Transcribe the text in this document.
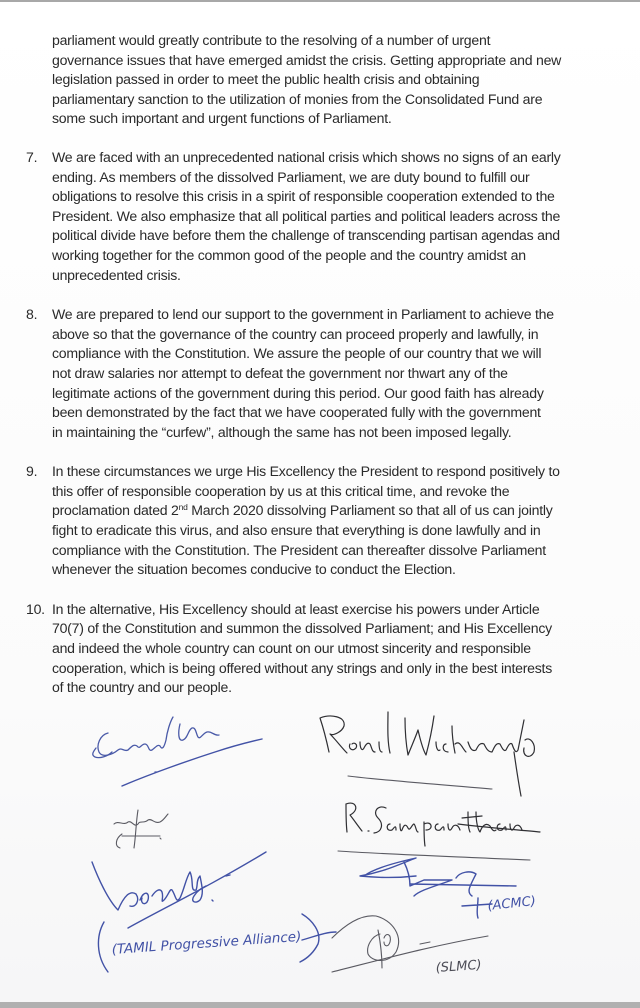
parliament would greatly contribute to the resolving of a number of urgent
governance issues that have emerged amidst the crisis. Getting appropriate and new
legislation passed in order to meet the public health crisis and obtaining
parliamentary sanction to the utilization of monies from the Consolidated Fund are
some such important and urgent functions of Parliament.
7. We are faced with an unprecedented national crisis which shows no signs of an early
ending. As members of the dissolved Parliament, we are duty bound to fulfill our
obligations to resolve this crisis in a spirit of responsible cooperation extended to the
President. We also emphasize that all political parties and political leaders across the
political divide have before them the challenge of transcending partisan agendas and
working together for the common good of the people and the country amidst an
unprecedented crisis.
8. We are prepared to lend our support to the government in Parliament to achieve the
above so that the governance of the country can proceed properly and lawfully, in
compliance with the Constitution. We assure the people of our country that we will
not draw salaries nor attempt to defeat the government nor thwart any of the
legitimate actions of the government during this period. Our good faith has already
been demonstrated by the fact that we have cooperated fully with the government
in maintaining the “curfew”, although the same has not been imposed legally.
9. In these circumstances we urge His Excellency the President to respond positively to
this offer of responsible cooperation by us at this critical time, and revoke the
proclamation dated 2nd March 2020 dissolving Parliament so that all of us can jointly
fight to eradicate this virus, and also ensure that everything is done lawfully and in
compliance with the Constitution. The President can thereafter dissolve Parliament
whenever the situation becomes conducive to conduct the Election.
10. In the alternative, His Excellency should at least exercise his powers under Article
70(7) of the Constitution and summon the dissolved Parliament; and His Excellency
and indeed the whole country can count on our utmost sincerity and responsible
cooperation, which is being offered without any strings and only in the best interests
of the country and our people.
(TAMIL Progressive Alliance)
(ACMC)
(SLMC)
